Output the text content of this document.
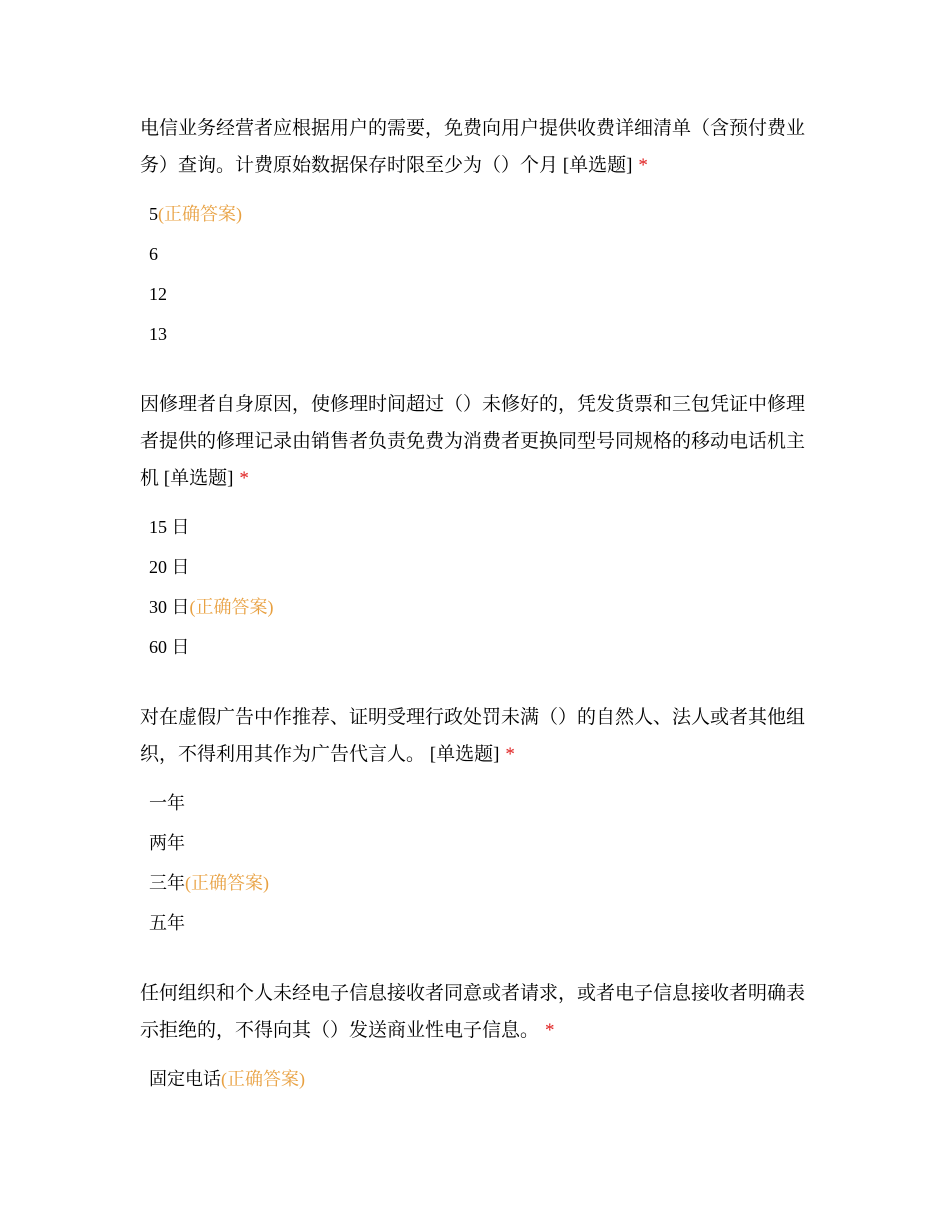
电信业务经营者应根据用户的需要，免费向用户提供收费详细清单（含预付费业务）查询。计费原始数据保存时限至少为（）个月 [单选题] *

5(正确答案)
6
12
13

因修理者自身原因，使修理时间超过（）未修好的，凭发货票和三包凭证中修理者提供的修理记录由销售者负责免费为消费者更换同型号同规格的移动电话机主机 [单选题] *

15 日
20 日
30 日(正确答案)
60 日

对在虚假广告中作推荐、证明受理行政处罚未满（）的自然人、法人或者其他组织，不得利用其作为广告代言人。 [单选题] *

一年
两年
三年(正确答案)
五年

任何组织和个人未经电子信息接收者同意或者请求，或者电子信息接收者明确表示拒绝的，不得向其（）发送商业性电子信息。 *

固定电话(正确答案)
